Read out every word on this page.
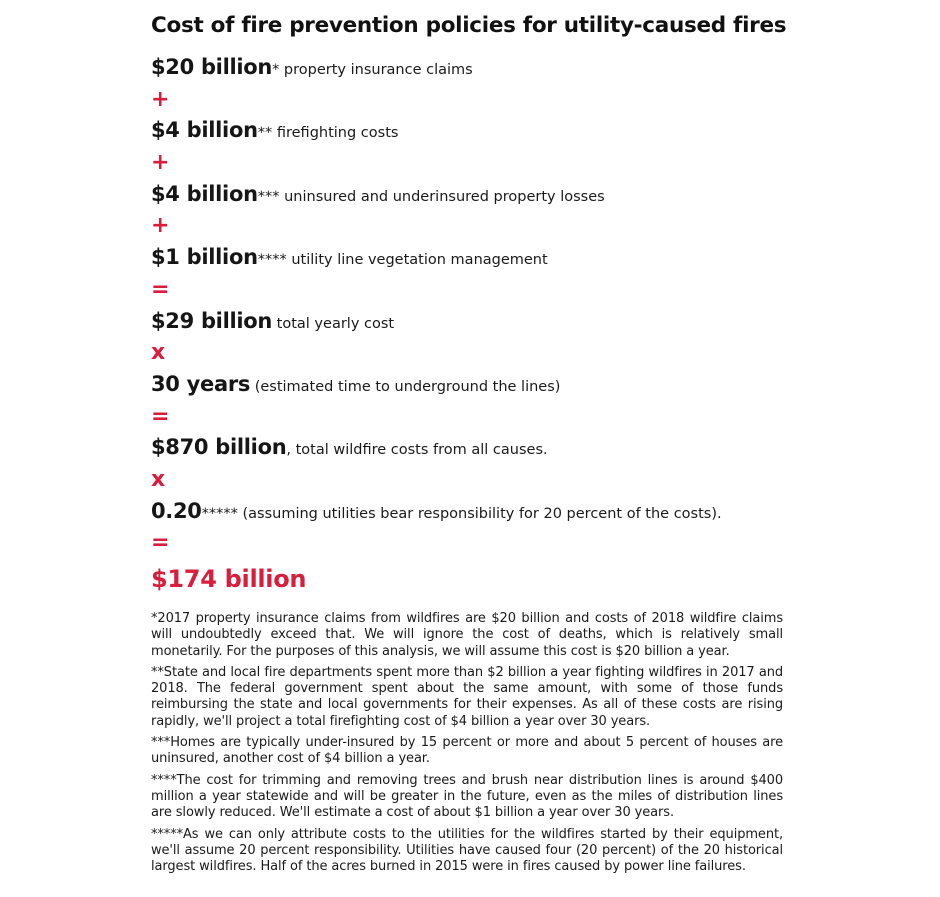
Cost of fire prevention policies for utility-caused fires
$20 billion* property insurance claims
+
$4 billion** firefighting costs
+
$4 billion*** uninsured and underinsured property losses
+
$1 billion**** utility line vegetation management
=
$29 billion total yearly cost
x
30 years (estimated time to underground the lines)
=
$870 billion, total wildfire costs from all causes.
x
0.20***** (assuming utilities bear responsibility for 20 percent of the costs).
=
$174 billion

*2017 property insurance claims from wildfires are $20 billion and costs of 2018 wildfire claims will undoubtedly exceed that. We will ignore the cost of deaths, which is relatively small monetarily. For the purposes of this analysis, we will assume this cost is $20 billion a year.

**State and local fire departments spent more than $2 billion a year fighting wildfires in 2017 and 2018. The federal government spent about the same amount, with some of those funds reimbursing the state and local governments for their expenses. As all of these costs are rising rapidly, we'll project a total firefighting cost of $4 billion a year over 30 years.

***Homes are typically under-insured by 15 percent or more and about 5 percent of houses are uninsured, another cost of $4 billion a year.

****The cost for trimming and removing trees and brush near distribution lines is around $400 million a year statewide and will be greater in the future, even as the miles of distribution lines are slowly reduced. We'll estimate a cost of about $1 billion a year over 30 years.

*****As we can only attribute costs to the utilities for the wildfires started by their equipment, we'll assume 20 percent responsibility. Utilities have caused four (20 percent) of the 20 historical largest wildfires. Half of the acres burned in 2015 were in fires caused by power line failures.
